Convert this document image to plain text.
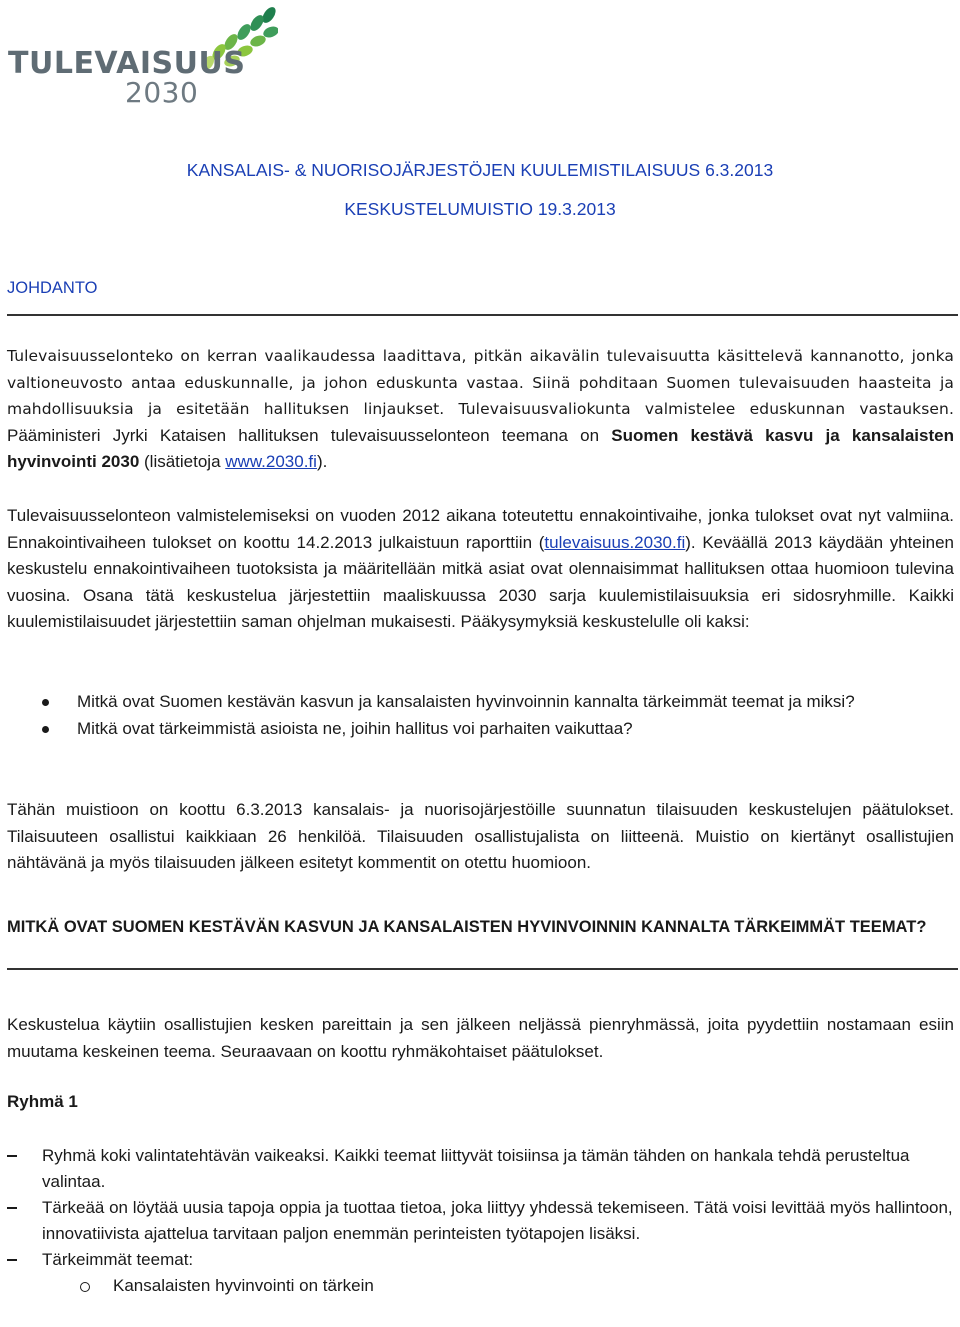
TULEVAISUUS
2030
KANSALAIS- & NUORISOJÄRJESTÖJEN KUULEMISTILAISUUS 6.3.2013
KESKUSTELUMUISTIO 19.3.2013
JOHDANTO
Tulevaisuusselonteko on kerran vaalikaudessa laadittava, pitkän aikavälin tulevaisuutta käsittelevä kannanotto, jonka valtioneuvosto antaa eduskunnalle, ja johon eduskunta vastaa. Siinä pohditaan Suomen tulevaisuuden haasteita ja mahdollisuuksia ja esitetään hallituksen linjaukset. Tulevaisuusvaliokunta valmistelee eduskunnan vastauksen. Pääministeri Jyrki Kataisen hallituksen tulevaisuusselonteon teemana on Suomen kestävä kasvu ja kansalaisten hyvinvointi 2030 (lisätietoja www.2030.fi).
Tulevaisuusselonteon valmistelemiseksi on vuoden 2012 aikana toteutettu ennakointivaihe, jonka tulokset ovat nyt valmiina. Ennakointivaiheen tulokset on koottu 14.2.2013 julkaistuun raporttiin (tulevaisuus.2030.fi). Keväällä 2013 käydään yhteinen keskustelu ennakointivaiheen tuotoksista ja määritellään mitkä asiat ovat olennaisimmat hallituksen ottaa huomioon tulevina vuosina. Osana tätä keskustelua järjestettiin maaliskuussa 2030 sarja kuulemistilaisuuksia eri sidosryhmille. Kaikki kuulemistilaisuudet järjestettiin saman ohjelman mukaisesti. Pääkysymyksiä keskustelulle oli kaksi:
Mitkä ovat Suomen kestävän kasvun ja kansalaisten hyvinvoinnin kannalta tärkeimmät teemat ja miksi?
Mitkä ovat tärkeimmistä asioista ne, joihin hallitus voi parhaiten vaikuttaa?
Tähän muistioon on koottu 6.3.2013 kansalais- ja nuorisojärjestöille suunnatun tilaisuuden keskustelujen päätulokset. Tilaisuuteen osallistui kaikkiaan 26 henkilöä. Tilaisuuden osallistujalista on liitteenä. Muistio on kiertänyt osallistujien nähtävänä ja myös tilaisuuden jälkeen esitetyt kommentit on otettu huomioon.
MITKÄ OVAT SUOMEN KESTÄVÄN KASVUN JA KANSALAISTEN HYVINVOINNIN KANNALTA TÄRKEIMMÄT TEEMAT?
Keskustelua käytiin osallistujien kesken pareittain ja sen jälkeen neljässä pienryhmässä, joita pyydettiin nostamaan esiin muutama keskeinen teema. Seuraavaan on koottu ryhmäkohtaiset päätulokset.
Ryhmä 1
Ryhmä koki valintatehtävän vaikeaksi. Kaikki teemat liittyvät toisiinsa ja tämän tähden on hankala tehdä perusteltua valintaa.
Tärkeää on löytää uusia tapoja oppia ja tuottaa tietoa, joka liittyy yhdessä tekemiseen. Tätä voisi levittää myös hallintoon, innovatiivista ajattelua tarvitaan paljon enemmän perinteisten työtapojen lisäksi.
Tärkeimmät teemat:
Kansalaisten hyvinvointi on tärkein
